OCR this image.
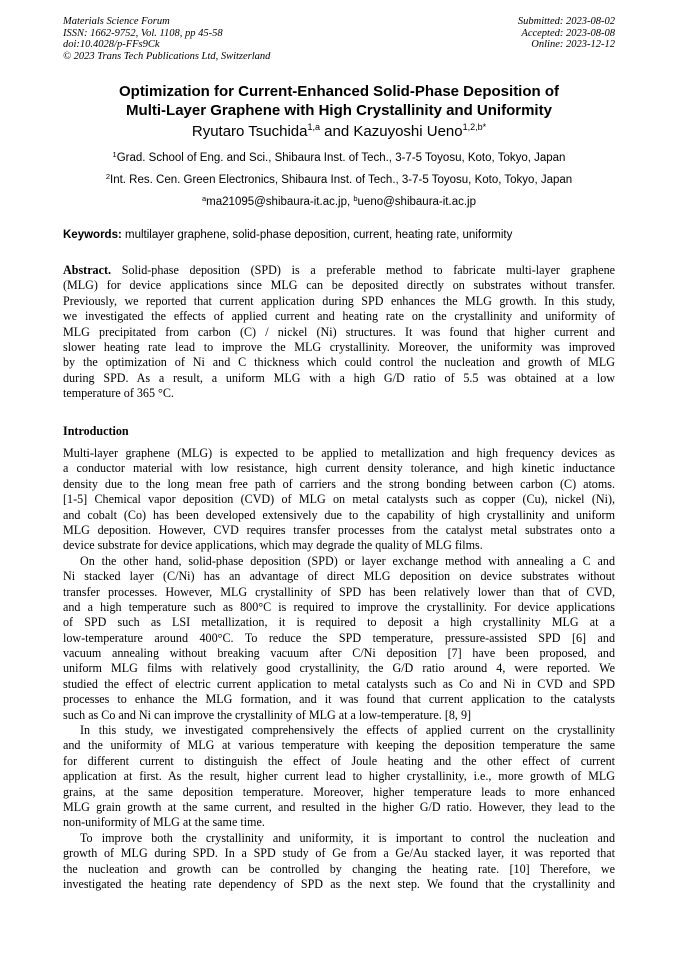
Materials Science Forum
ISSN: 1662-9752, Vol. 1108, pp 45-58
doi:10.4028/p-FFs9Ck
© 2023 Trans Tech Publications Ltd, Switzerland
Submitted: 2023-08-02
Accepted: 2023-08-08
Online: 2023-12-12
Optimization for Current-Enhanced Solid-Phase Deposition of
Multi-Layer Graphene with High Crystallinity and Uniformity
Ryutaro Tsuchida$^{1,a}$ and Kazuyoshi Ueno$^{1,2,b*}$
$^1$Grad. School of Eng. and Sci., Shibaura Inst. of Tech., 3-7-5 Toyosu, Koto, Tokyo, Japan
$^2$Int. Res. Cen. Green Electronics, Shibaura Inst. of Tech., 3-7-5 Toyosu, Koto, Tokyo, Japan
$^a$ma21095@shibaura-it.ac.jp, $^b$ueno@shibaura-it.ac.jp
Keywords: multilayer graphene, solid-phase deposition, current, heating rate, uniformity
Abstract. Solid-phase deposition (SPD) is a preferable method to fabricate multi-layer graphene
(MLG) for device applications since MLG can be deposited directly on substrates without transfer.
Previously, we reported that current application during SPD enhances the MLG growth. In this study,
we investigated the effects of applied current and heating rate on the crystallinity and uniformity of
MLG precipitated from carbon (C) / nickel (Ni) structures. It was found that higher current and
slower heating rate lead to improve the MLG crystallinity. Moreover, the uniformity was improved
by the optimization of Ni and C thickness which could control the nucleation and growth of MLG
during SPD. As a result, a uniform MLG with a high G/D ratio of 5.5 was obtained at a low
temperature of 365 °C.
Introduction
Multi-layer graphene (MLG) is expected to be applied to metallization and high frequency devices as
a conductor material with low resistance, high current density tolerance, and high kinetic inductance
density due to the long mean free path of carriers and the strong bonding between carbon (C) atoms.
[1-5] Chemical vapor deposition (CVD) of MLG on metal catalysts such as copper (Cu), nickel (Ni),
and cobalt (Co) has been developed extensively due to the capability of high crystallinity and uniform
MLG deposition. However, CVD requires transfer processes from the catalyst metal substrates onto a
device substrate for device applications, which may degrade the quality of MLG films.
On the other hand, solid-phase deposition (SPD) or layer exchange method with annealing a C and
Ni stacked layer (C/Ni) has an advantage of direct MLG deposition on device substrates without
transfer processes. However, MLG crystallinity of SPD has been relatively lower than that of CVD,
and a high temperature such as 800°C is required to improve the crystallinity. For device applications
of SPD such as LSI metallization, it is required to deposit a high crystallinity MLG at a
low-temperature around 400°C. To reduce the SPD temperature, pressure-assisted SPD [6] and
vacuum annealing without breaking vacuum after C/Ni deposition [7] have been proposed, and
uniform MLG films with relatively good crystallinity, the G/D ratio around 4, were reported. We
studied the effect of electric current application to metal catalysts such as Co and Ni in CVD and SPD
processes to enhance the MLG formation, and it was found that current application to the catalysts
such as Co and Ni can improve the crystallinity of MLG at a low-temperature. [8, 9]
In this study, we investigated comprehensively the effects of applied current on the crystallinity
and the uniformity of MLG at various temperature with keeping the deposition temperature the same
for different current to distinguish the effect of Joule heating and the other effect of current
application at first. As the result, higher current lead to higher crystallinity, i.e., more growth of MLG
grains, at the same deposition temperature. Moreover, higher temperature leads to more enhanced
MLG grain growth at the same current, and resulted in the higher G/D ratio. However, they lead to the
non-uniformity of MLG at the same time.
To improve both the crystallinity and uniformity, it is important to control the nucleation and
growth of MLG during SPD. In a SPD study of Ge from a Ge/Au stacked layer, it was reported that
the nucleation and growth can be controlled by changing the heating rate. [10] Therefore, we
investigated the heating rate dependency of SPD as the next step. We found that the crystallinity and
